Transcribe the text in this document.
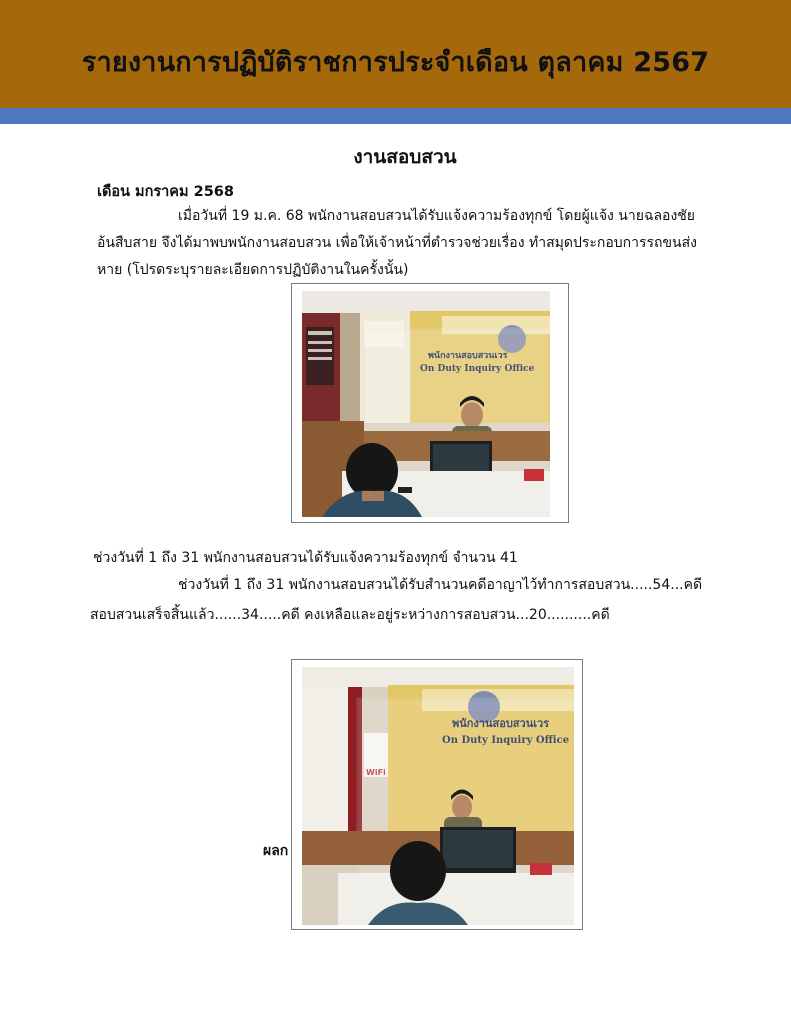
รายงานการปฏิบัติราชการประจำเดือน ตุลาคม 2567
งานสอบสวน
เดือน มกราคม 2568
เมื่อวันที่ 19 ม.ค. 68 พนักงานสอบสวนได้รับแจ้งความร้องทุกข์ โดยผู้แจ้ง นายฉลองชัย
อ้นสืบสาย จึงได้มาพบพนักงานสอบสวน เพื่อให้เจ้าหน้าที่ตำรวจช่วยเรื่อง ทำสมุดประกอบการรถขนส่ง
หาย (โปรดระบุรายละเอียดการปฏิบัติงานในครั้งนั้น)
พนักงานสอบสวนเวร
On Duty Inquiry Office
ช่วงวันที่ 1 ถึง 31 พนักงานสอบสวนได้รับแจ้งความร้องทุกข์ จำนวน 41
ช่วงวันที่ 1 ถึง 31 พนักงานสอบสวนได้รับสำนวนคดีอาญาไว้ทำการสอบสวน.....54...คดี
สอบสวนเสร็จสิ้นแล้ว......34.....คดี คงเหลือและอยู่ระหว่างการสอบสวน...20..........คดี
ผลก
WiFi
พนักงานสอบสวนเวร
On Duty Inquiry Office
